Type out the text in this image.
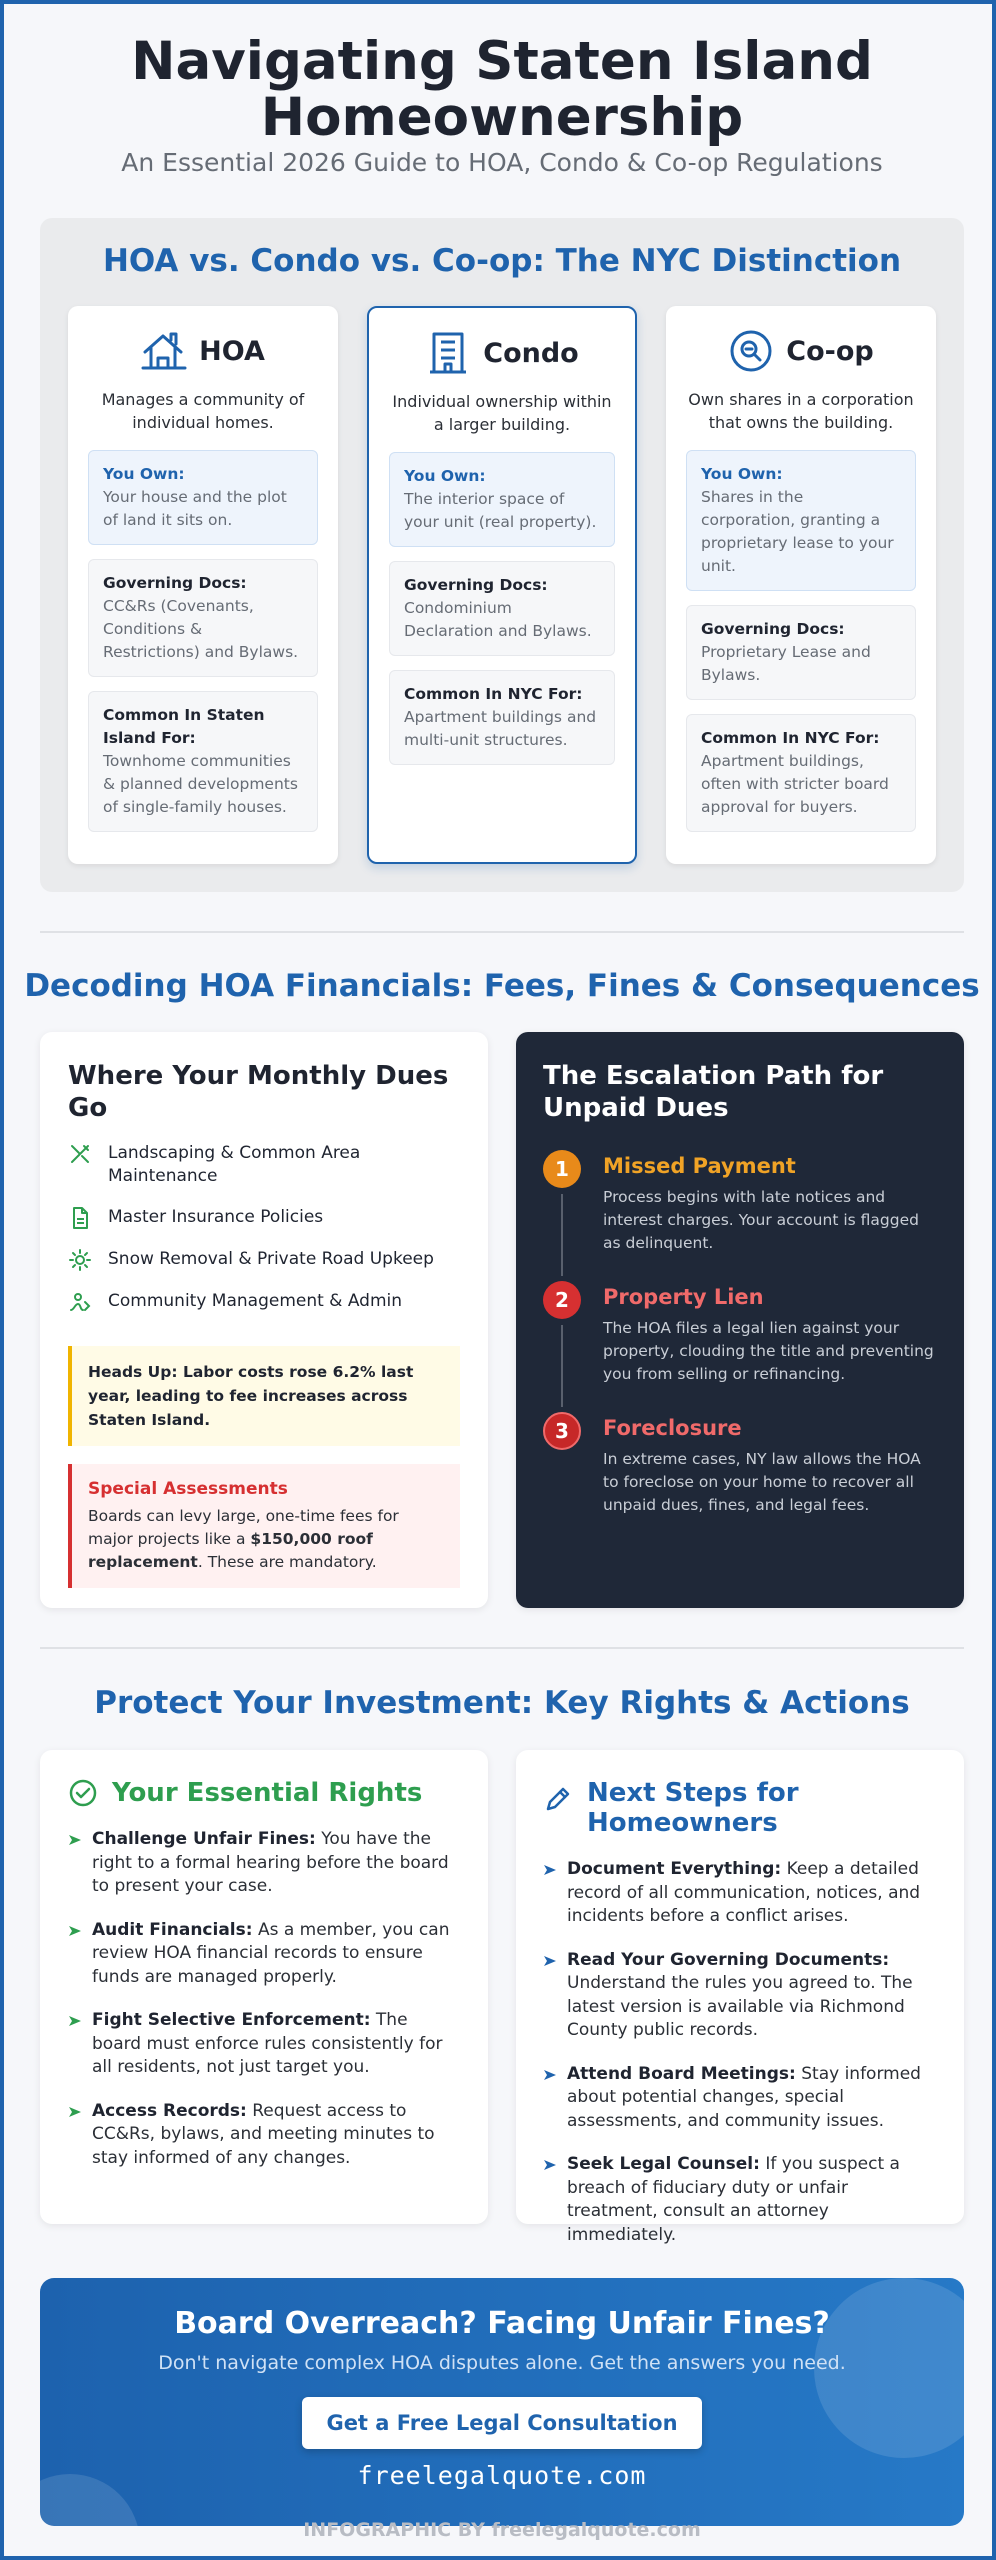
Navigating Staten Island
Homeownership
An Essential 2026 Guide to HOA, Condo & Co-op Regulations
HOA vs. Condo vs. Co-op: The NYC Distinction
HOA
Manages a community of individual homes.
You Own:
Your house and the plot of land it sits on.
Governing Docs:
CC&Rs (Covenants, Conditions & Restrictions) and Bylaws.
Common In Staten Island For:
Townhome communities & planned developments of single-family houses.
Condo
Individual ownership within a larger building.
You Own:
The interior space of your unit (real property).
Governing Docs:
Condominium Declaration and Bylaws.
Common In NYC For:
Apartment buildings and multi-unit structures.
Co-op
Own shares in a corporation that owns the building.
You Own:
Shares in the corporation, granting a proprietary lease to your unit.
Governing Docs:
Proprietary Lease and Bylaws.
Common In NYC For:
Apartment buildings, often with stricter board approval for buyers.
Decoding HOA Financials: Fees, Fines & Consequences
Where Your Monthly Dues Go
Landscaping & Common Area Maintenance
Master Insurance Policies
Snow Removal & Private Road Upkeep
Community Management & Admin
Heads Up: Labor costs rose 6.2% last year, leading to fee increases across Staten Island.
Special Assessments
Boards can levy large, one-time fees for major projects like a $150,000 roof replacement. These are mandatory.
The Escalation Path for Unpaid Dues
1	Missed Payment
Process begins with late notices and interest charges. Your account is flagged as delinquent.
2	Property Lien
The HOA files a legal lien against your property, clouding the title and preventing you from selling or refinancing.
3	Foreclosure
In extreme cases, NY law allows the HOA to foreclose on your home to recover all unpaid dues, fines, and legal fees.
Protect Your Investment: Key Rights & Actions
Your Essential Rights
Challenge Unfair Fines: You have the right to a formal hearing before the board to present your case.
Audit Financials: As a member, you can review HOA financial records to ensure funds are managed properly.
Fight Selective Enforcement: The board must enforce rules consistently for all residents, not just target you.
Access Records: Request access to CC&Rs, bylaws, and meeting minutes to stay informed of any changes.
Next Steps for Homeowners
Document Everything: Keep a detailed record of all communication, notices, and incidents before a conflict arises.
Read Your Governing Documents: Understand the rules you agreed to. The latest version is available via Richmond County public records.
Attend Board Meetings: Stay informed about potential changes, special assessments, and community issues.
Seek Legal Counsel: If you suspect a breach of fiduciary duty or unfair treatment, consult an attorney immediately.
Board Overreach? Facing Unfair Fines?
Don't navigate complex HOA disputes alone. Get the answers you need.
Get a Free Legal Consultation
freelegalquote.com
INFOGRAPHIC BY freelegalquote.com
